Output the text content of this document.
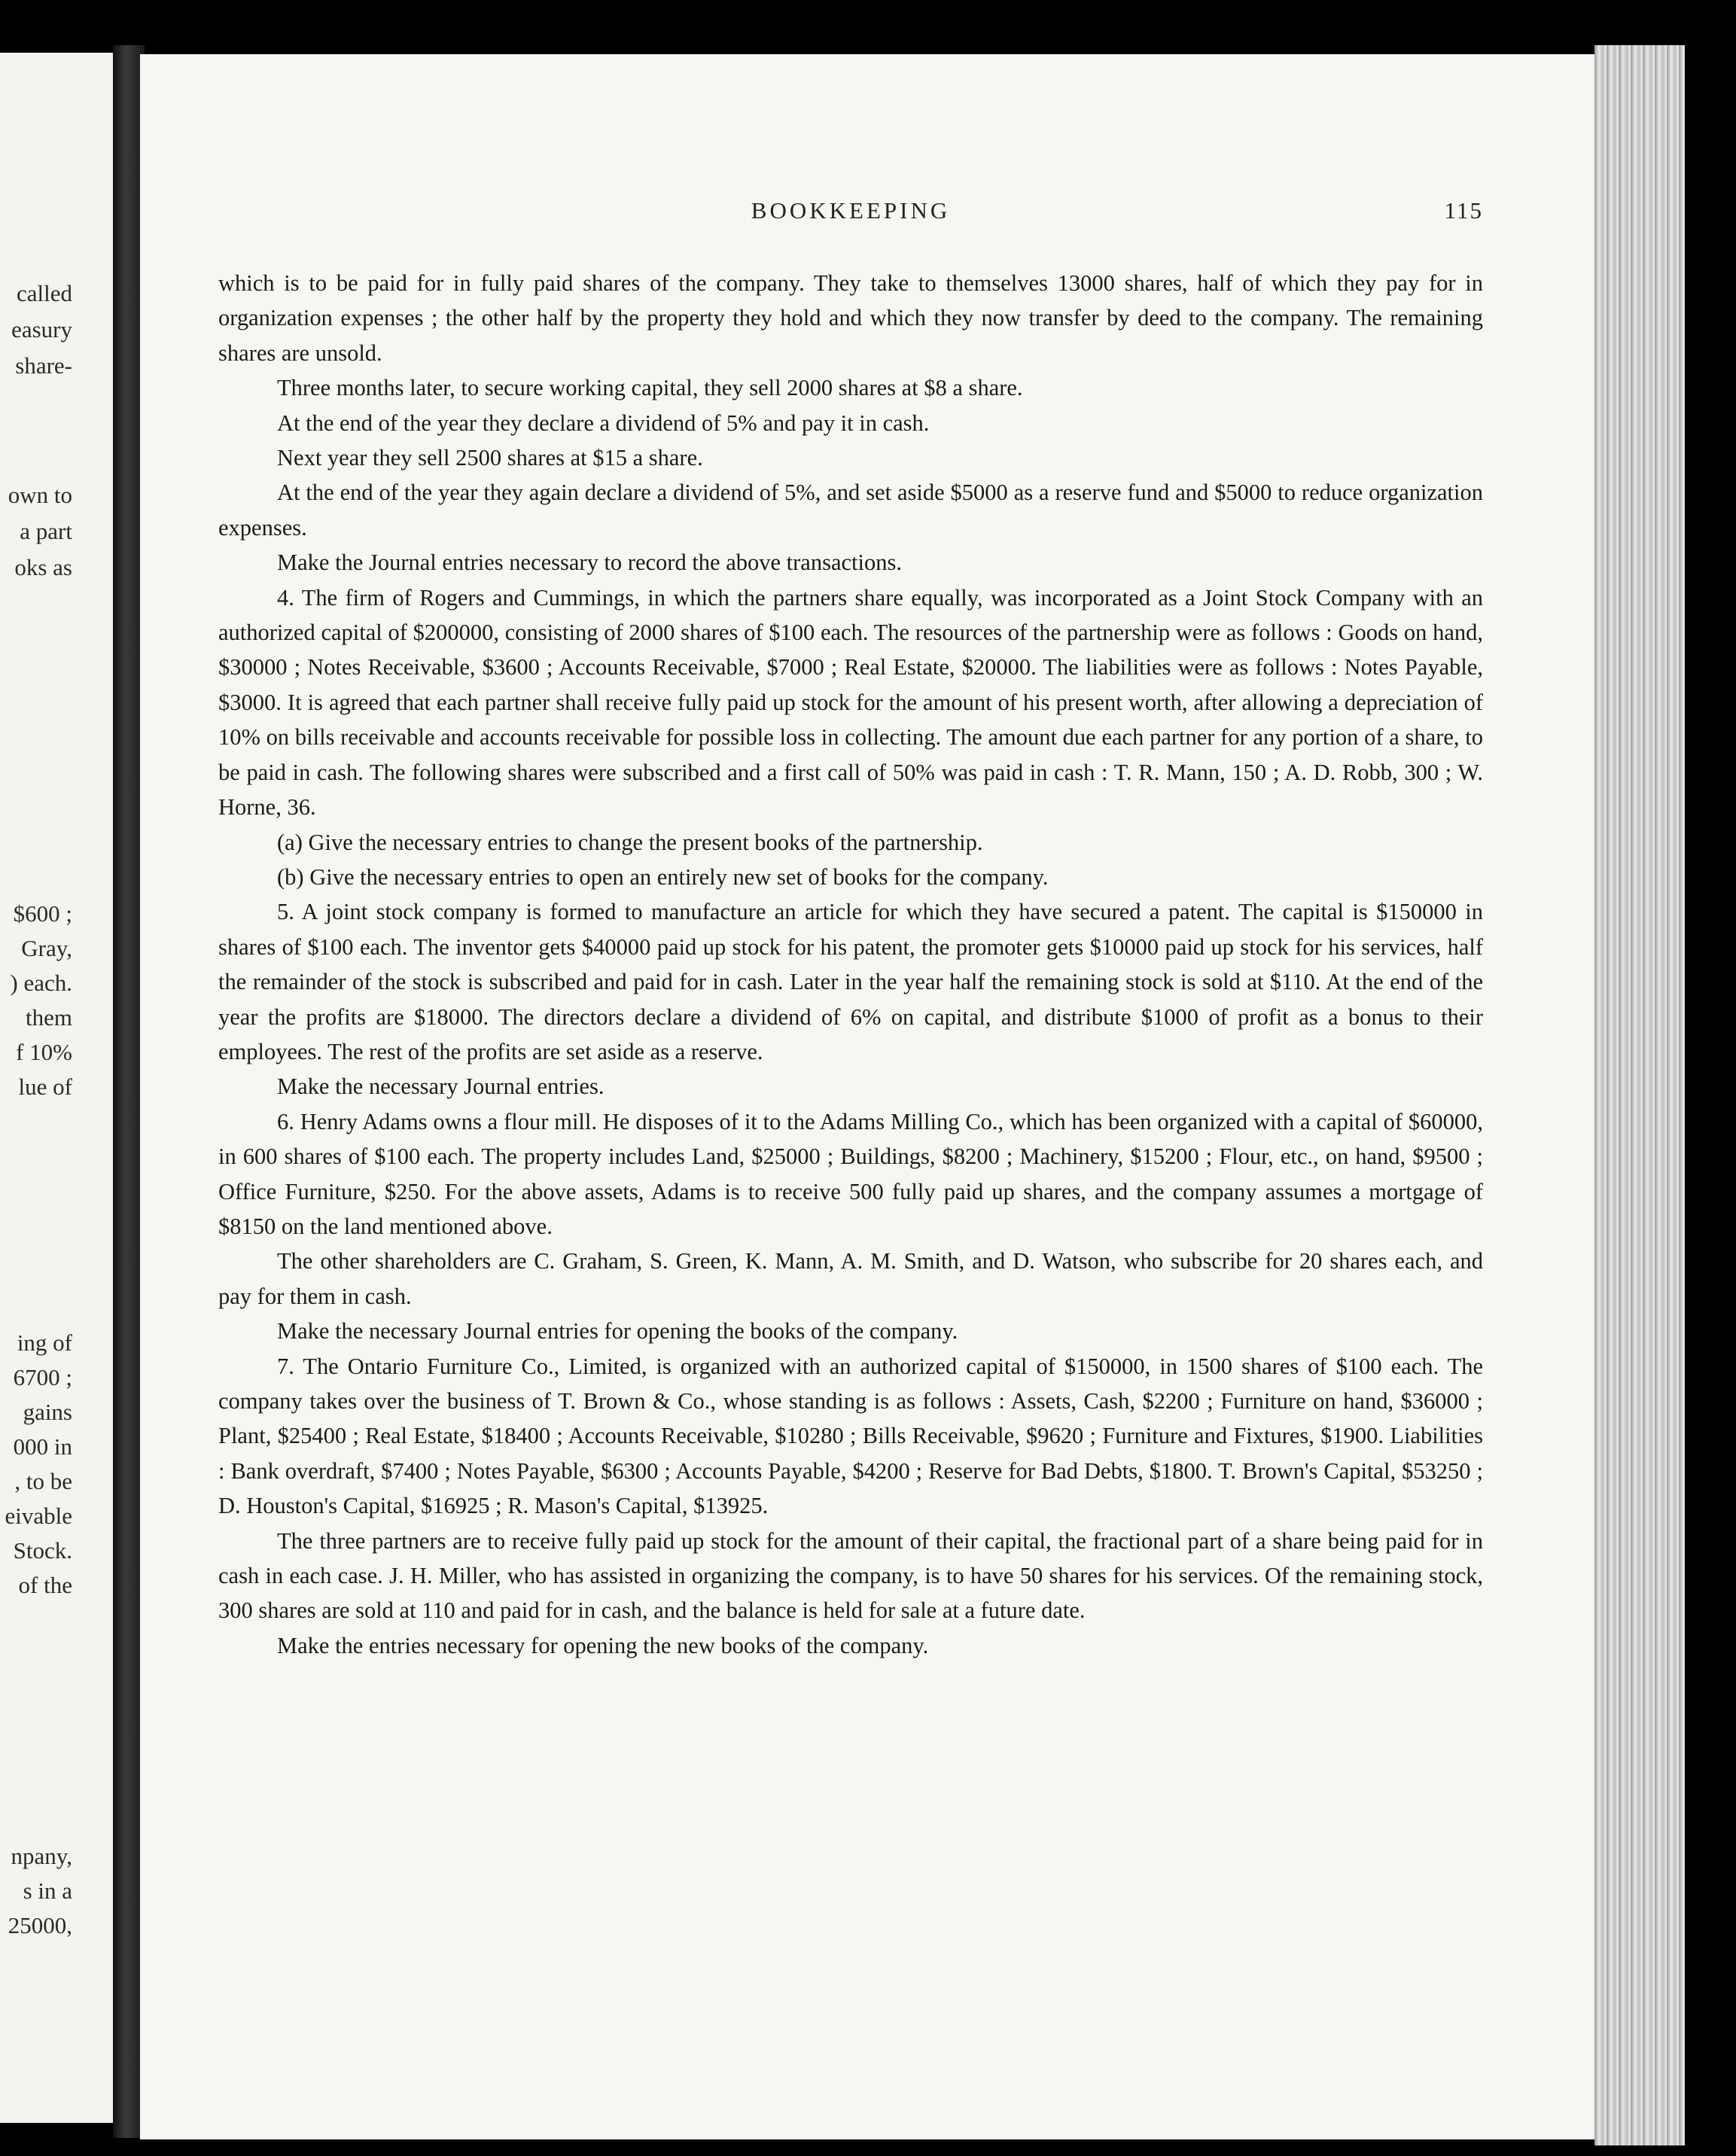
called
easury
share-
own to
a part
oks as
$600 ;
Gray,
) each.
them
f 10%
lue of
ing of
6700 ;
gains
000 in
, to be
eivable
Stock.
of the
npany,
s in a
25000,
BOOKKEEPING	115

which is to be paid for in fully paid shares of the company. They take to themselves 13000 shares, half of which they pay for in organization expenses ; the other half by the property they hold and which they now transfer by deed to the company. The remaining shares are unsold.

Three months later, to secure working capital, they sell 2000 shares at $8 a share.

At the end of the year they declare a dividend of 5% and pay it in cash.

Next year they sell 2500 shares at $15 a share.

At the end of the year they again declare a dividend of 5%, and set aside $5000 as a reserve fund and $5000 to reduce organization expenses.

Make the Journal entries necessary to record the above transactions.

4. The firm of Rogers and Cummings, in which the partners share equally, was incorporated as a Joint Stock Company with an authorized capital of $200000, consisting of 2000 shares of $100 each. The resources of the partnership were as follows : Goods on hand, $30000 ; Notes Receivable, $3600 ; Accounts Receivable, $7000 ; Real Estate, $20000. The liabilities were as follows : Notes Payable, $3000. It is agreed that each partner shall receive fully paid up stock for the amount of his present worth, after allowing a depreciation of 10% on bills receivable and accounts receivable for possible loss in collecting. The amount due each partner for any portion of a share, to be paid in cash. The following shares were subscribed and a first call of 50% was paid in cash : T. R. Mann, 150 ; A. D. Robb, 300 ; W. Horne, 36.

(a) Give the necessary entries to change the present books of the partnership.

(b) Give the necessary entries to open an entirely new set of books for the company.

5. A joint stock company is formed to manufacture an article for which they have secured a patent. The capital is $150000 in shares of $100 each. The inventor gets $40000 paid up stock for his patent, the promoter gets $10000 paid up stock for his services, half the remainder of the stock is subscribed and paid for in cash. Later in the year half the remaining stock is sold at $110. At the end of the year the profits are $18000. The directors declare a dividend of 6% on capital, and distribute $1000 of profit as a bonus to their employees. The rest of the profits are set aside as a reserve.

Make the necessary Journal entries.

6. Henry Adams owns a flour mill. He disposes of it to the Adams Milling Co., which has been organized with a capital of $60000, in 600 shares of $100 each. The property includes Land, $25000 ; Buildings, $8200 ; Machinery, $15200 ; Flour, etc., on hand, $9500 ; Office Furniture, $250. For the above assets, Adams is to receive 500 fully paid up shares, and the company assumes a mortgage of $8150 on the land mentioned above.

The other shareholders are C. Graham, S. Green, K. Mann, A. M. Smith, and D. Watson, who subscribe for 20 shares each, and pay for them in cash.

Make the necessary Journal entries for opening the books of the company.

7. The Ontario Furniture Co., Limited, is organized with an authorized capital of $150000, in 1500 shares of $100 each. The company takes over the business of T. Brown & Co., whose standing is as follows : Assets, Cash, $2200 ; Furniture on hand, $36000 ; Plant, $25400 ; Real Estate, $18400 ; Accounts Receivable, $10280 ; Bills Receivable, $9620 ; Furniture and Fixtures, $1900. Liabilities : Bank overdraft, $7400 ; Notes Payable, $6300 ; Accounts Payable, $4200 ; Reserve for Bad Debts, $1800. T. Brown's Capital, $53250 ; D. Houston's Capital, $16925 ; R. Mason's Capital, $13925.

The three partners are to receive fully paid up stock for the amount of their capital, the fractional part of a share being paid for in cash in each case. J. H. Miller, who has assisted in organizing the company, is to have 50 shares for his services. Of the remaining stock, 300 shares are sold at 110 and paid for in cash, and the balance is held for sale at a future date.

Make the entries necessary for opening the new books of the company.
